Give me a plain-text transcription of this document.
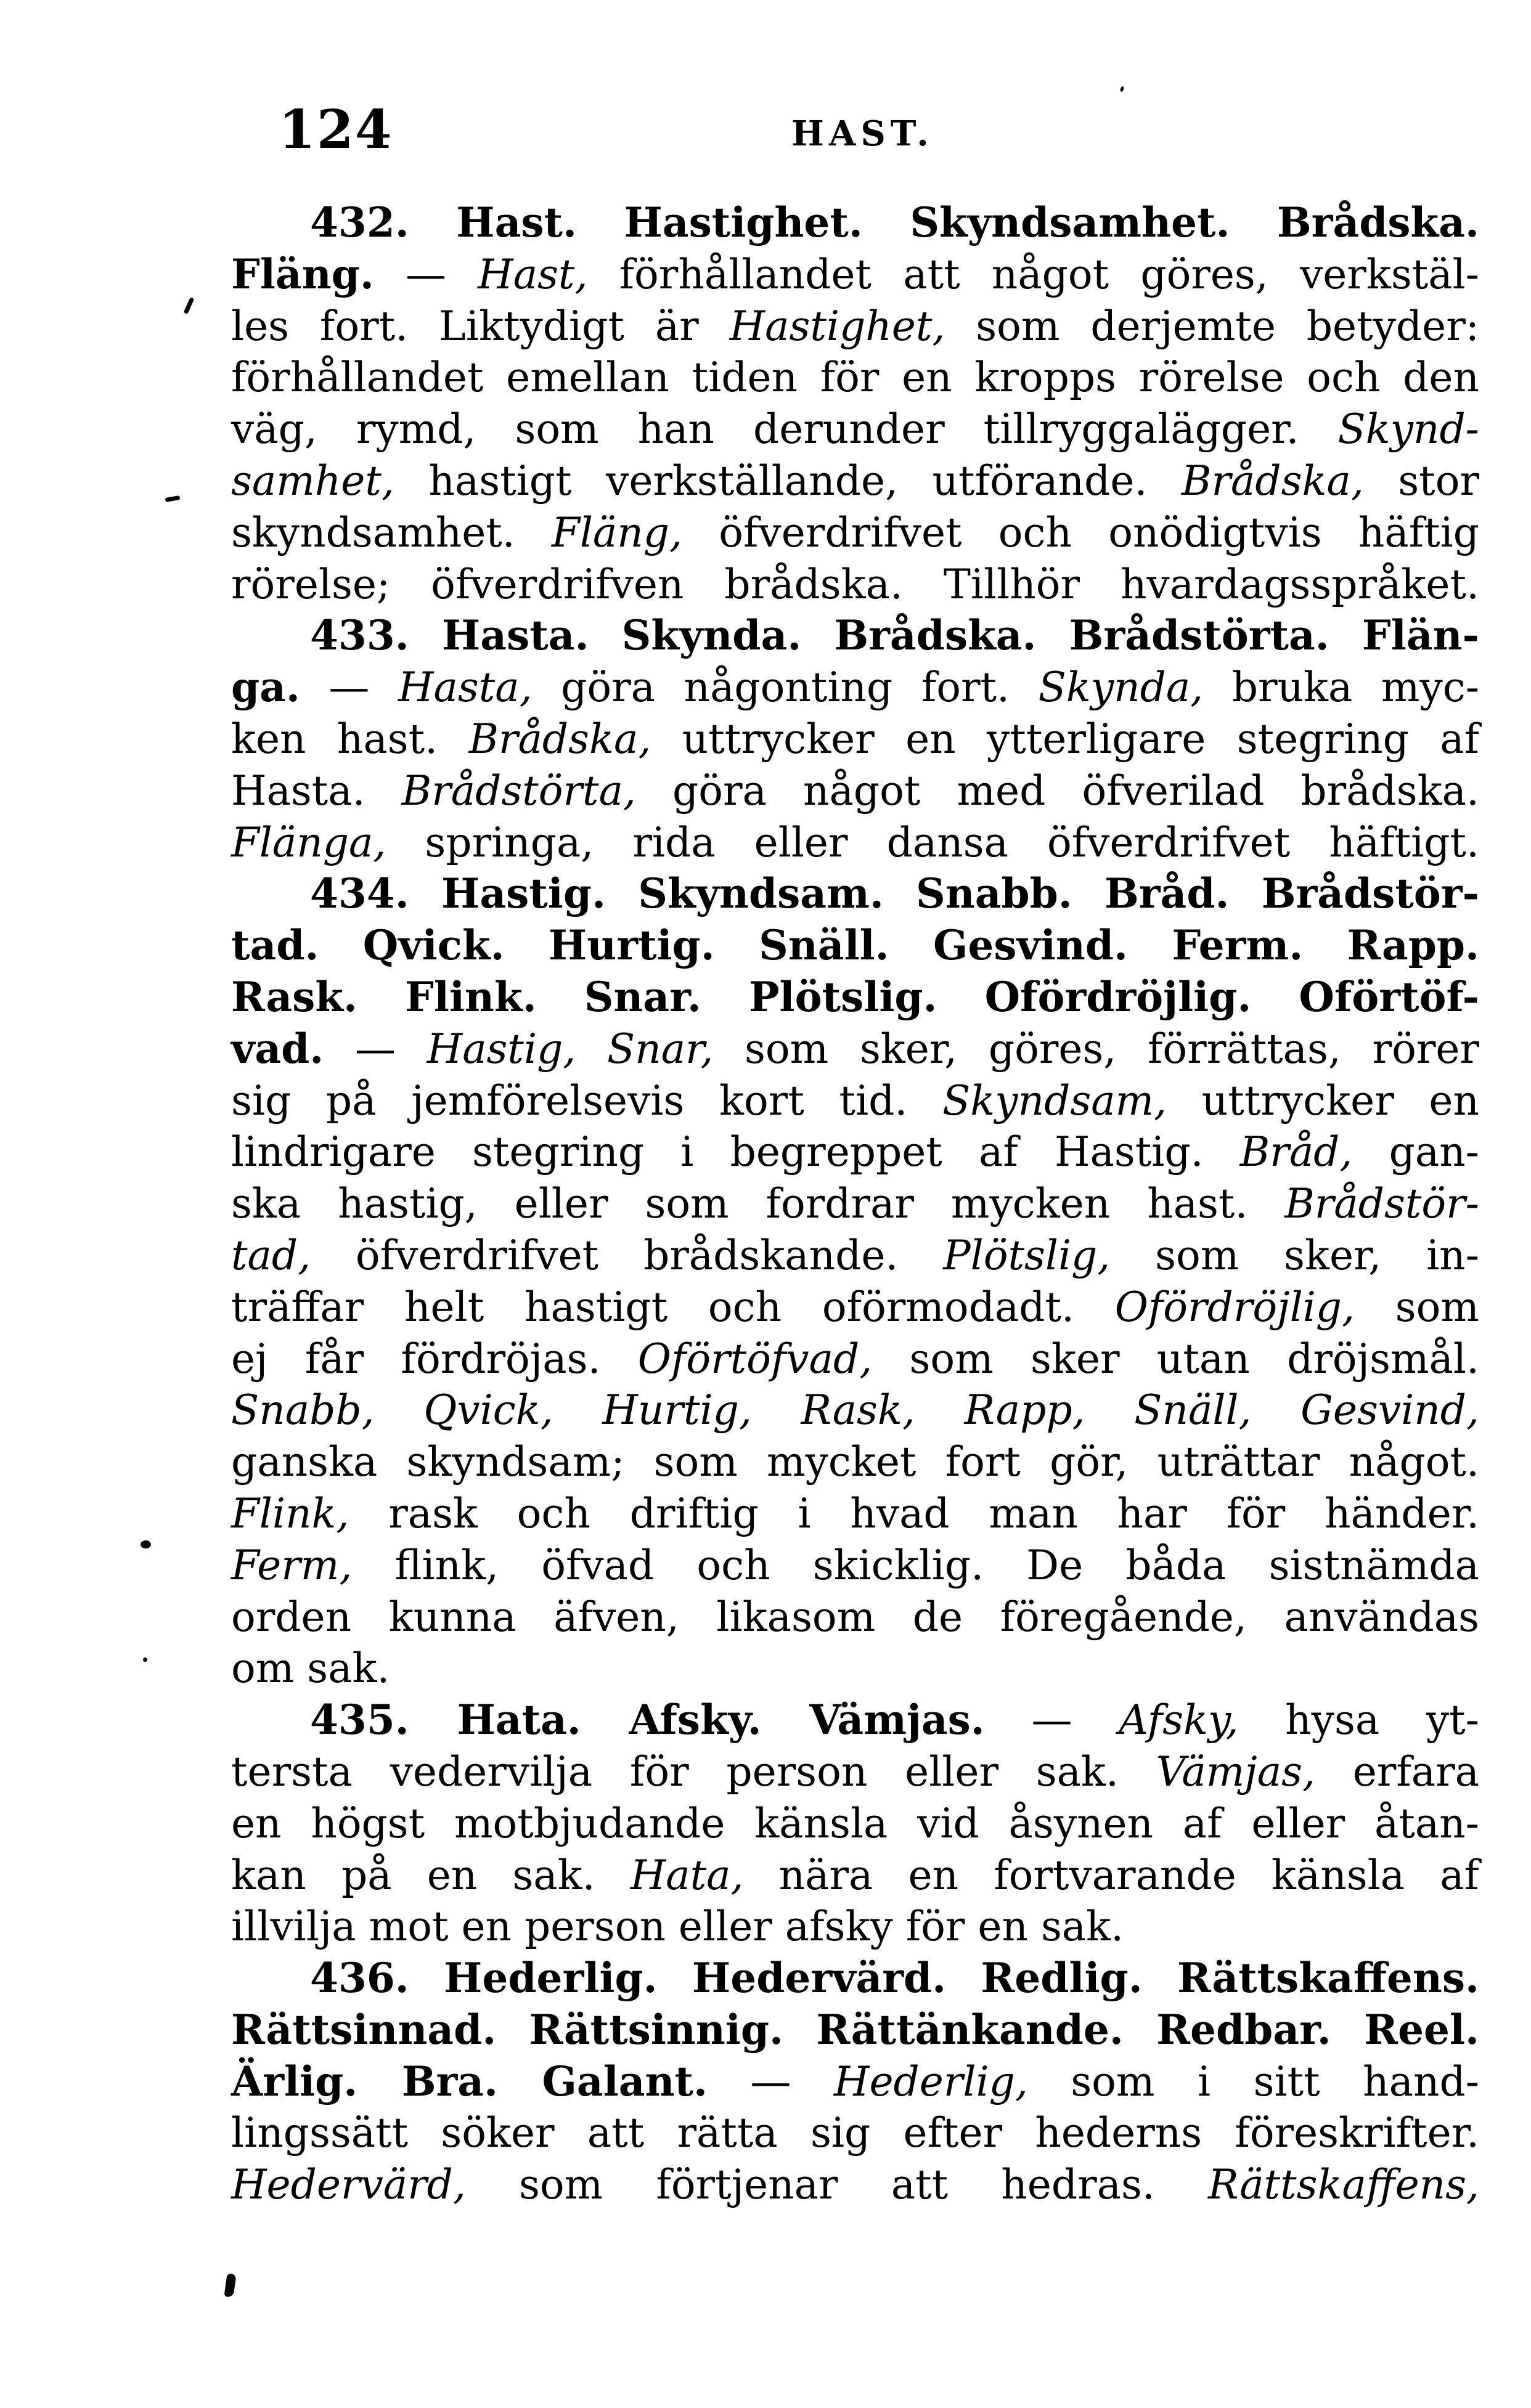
124	HAST.
432. Hast. Hastighet. Skyndsamhet. Brådska.
Fläng. — Hast, förhållandet att något göres, verkstäl-
les fort. Liktydigt är Hastighet, som derjemte betyder:
förhållandet emellan tiden för en kropps rörelse och den
väg, rymd, som han derunder tillryggalägger. Skynd-
samhet, hastigt verkställande, utförande. Brådska, stor
skyndsamhet. Fläng, öfverdrifvet och onödigtvis häftig
rörelse; öfverdrifven brådska. Tillhör hvardagsspråket.
433. Hasta. Skynda. Brådska. Brådstörta. Flän-
ga. — Hasta, göra någonting fort. Skynda, bruka myc-
ken hast. Brådska, uttrycker en ytterligare stegring af
Hasta. Brådstörta, göra något med öfverilad brådska.
Flänga, springa, rida eller dansa öfverdrifvet häftigt.
434. Hastig. Skyndsam. Snabb. Bråd. Brådstör-
tad. Qvick. Hurtig. Snäll. Gesvind. Ferm. Rapp.
Rask. Flink. Snar. Plötslig. Ofördröjlig. Oförtöf-
vad. — Hastig, Snar, som sker, göres, förrättas, rörer
sig på jemförelsevis kort tid. Skyndsam, uttrycker en
lindrigare stegring i begreppet af Hastig. Bråd, gan-
ska hastig, eller som fordrar mycken hast. Brådstör-
tad, öfverdrifvet brådskande. Plötslig, som sker, in-
träffar helt hastigt och oförmodadt. Ofördröjlig, som
ej får fördröjas. Oförtöfvad, som sker utan dröjsmål.
Snabb, Qvick, Hurtig, Rask, Rapp, Snäll, Gesvind,
ganska skyndsam; som mycket fort gör, uträttar något.
Flink, rask och driftig i hvad man har för händer.
Ferm, flink, öfvad och skicklig. De båda sistnämda
orden kunna äfven, likasom de föregående, användas
om sak.
435. Hata. Afsky. Vämjas. — Afsky, hysa yt-
tersta vedervilja för person eller sak. Vämjas, erfara
en högst motbjudande känsla vid åsynen af eller åtan-
kan på en sak. Hata, nära en fortvarande känsla af
illvilja mot en person eller afsky för en sak.
436. Hederlig. Hedervärd. Redlig. Rättskaffens.
Rättsinnad. Rättsinnig. Rättänkande. Redbar. Reel.
Ärlig. Bra. Galant. — Hederlig, som i sitt hand-
lingssätt söker att rätta sig efter hederns föreskrifter.
Hedervärd, som förtjenar att hedras. Rättskaffens,
